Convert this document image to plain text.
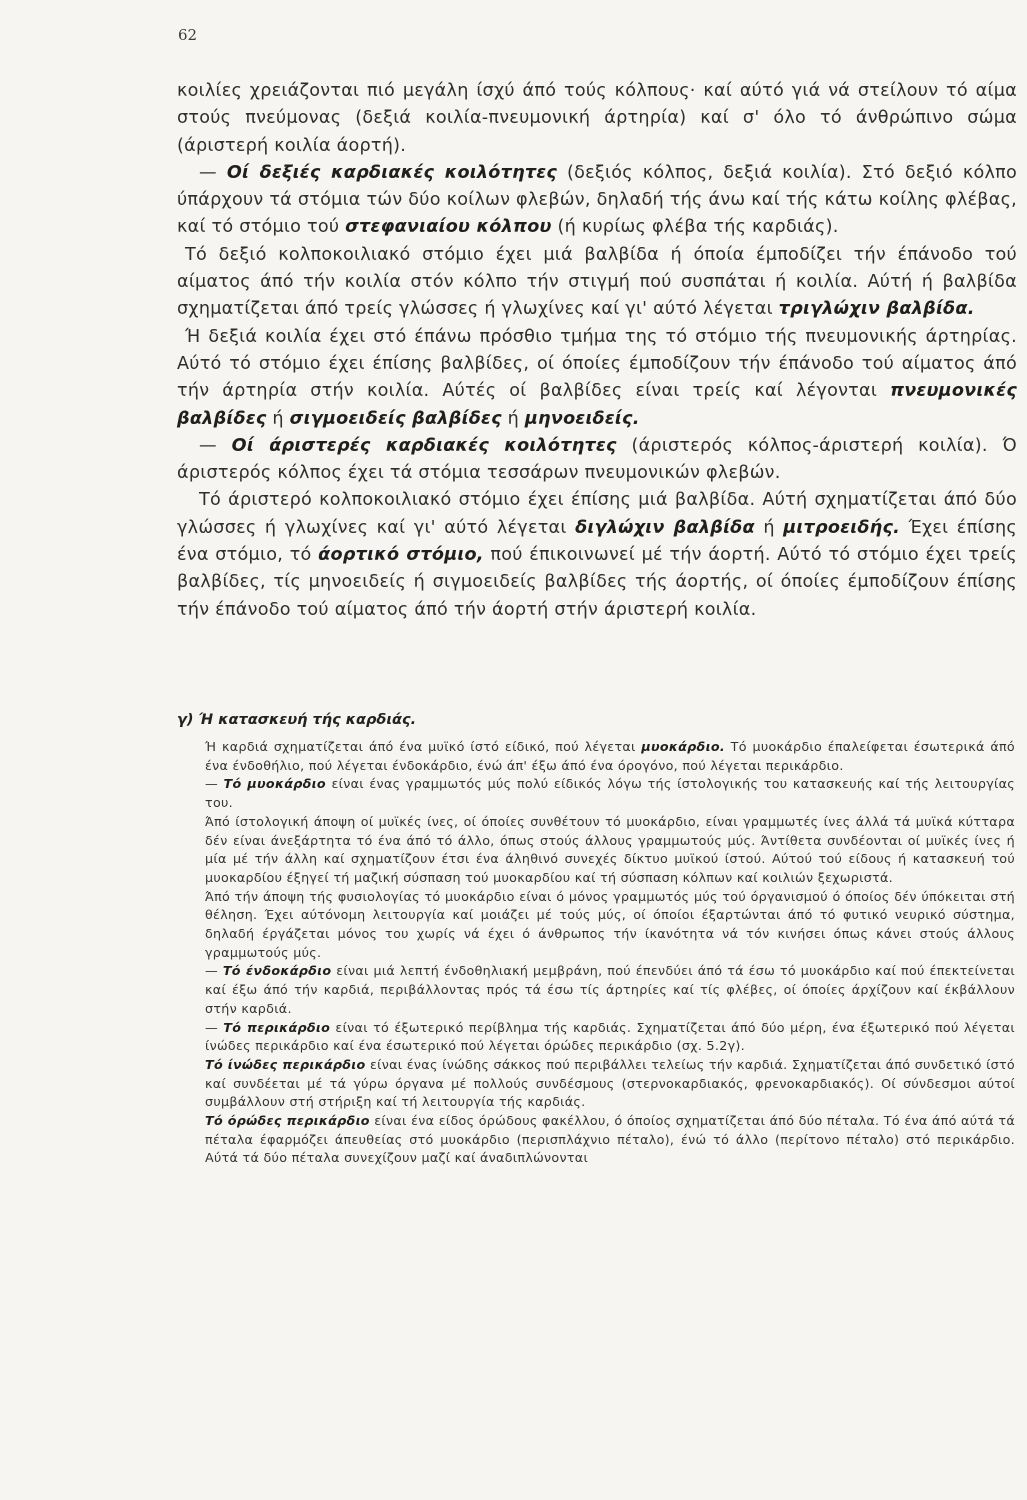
62

κοιλίες χρειάζονται πιό μεγάλη ίσχύ άπό τούς κόλπους· καί αύτό γιά νά στείλουν τό αίμα στούς πνεύμονας (δεξιά κοιλία-πνευμονική άρτηρία) καί σ' όλο τό άνθρώπινο σώμα (άριστερή κοιλία άορτή).

— Οί δεξιές καρδιακές κοιλότητες (δεξιός κόλπος, δεξιά κοιλία). Στό δεξιό κόλπο ύπάρχουν τά στόμια τών δύο κοίλων φλεβών, δηλαδή τής άνω καί τής κάτω κοίλης φλέβας, καί τό στόμιο τού στεφανιαίου κόλπου (ή κυρίως φλέβα τής καρδιάς).

Τό δεξιό κολποκοιλιακό στόμιο έχει μιά βαλβίδα ή όποία έμποδίζει τήν έπάνοδο τού αίματος άπό τήν κοιλία στόν κόλπο τήν στιγμή πού συσπάται ή κοιλία. Αύτή ή βαλβίδα σχηματίζεται άπό τρείς γλώσσες ή γλωχίνες καί γι' αύτό λέγεται τριγλώχιν βαλβίδα.

Ή δεξιά κοιλία έχει στό έπάνω πρόσθιο τμήμα της τό στόμιο τής πνευμονικής άρτηρίας. Αύτό τό στόμιο έχει έπίσης βαλβίδες, οί όποίες έμποδίζουν τήν έπάνοδο τού αίματος άπό τήν άρτηρία στήν κοιλία. Αύτές οί βαλβίδες είναι τρείς καί λέγονται πνευμονικές βαλβίδες ή σιγμοειδείς βαλβίδες ή μηνοειδείς.

— Οί άριστερές καρδιακές κοιλότητες (άριστερός κόλπος-άριστερή κοιλία). Ό άριστερός κόλπος έχει τά στόμια τεσσάρων πνευμονικών φλεβών.

Τό άριστερό κολποκοιλιακό στόμιο έχει έπίσης μιά βαλβίδα. Αύτή σχηματίζεται άπό δύο γλώσσες ή γλωχίνες καί γι' αύτό λέγεται διγλώχιν βαλβίδα ή μιτροειδής. Έχει έπίσης ένα στόμιο, τό άορτικό στόμιο, πού έπικοινωνεί μέ τήν άορτή. Αύτό τό στόμιο έχει τρείς βαλβίδες, τίς μηνοειδείς ή σιγμοειδείς βαλβίδες τής άορτής, οί όποίες έμποδίζουν έπίσης τήν έπάνοδο τού αίματος άπό τήν άορτή στήν άριστερή κοιλία.

γ) Ή κατασκευή τής καρδιάς.

Ή καρδιά σχηματίζεται άπό ένα μυϊκό ίστό είδικό, πού λέγεται μυοκάρδιο. Τό μυοκάρδιο έπαλείφεται έσωτερικά άπό ένα ένδοθήλιο, πού λέγεται ένδοκάρδιο, ένώ άπ' έξω άπό ένα όρογόνο, πού λέγεται περικάρδιο.

— Τό μυοκάρδιο είναι ένας γραμμωτός μύς πολύ είδικός λόγω τής ίστολογικής του κατασκευής καί τής λειτουργίας του.

Άπό ίστολογική άποψη οί μυϊκές ίνες, οί όποίες συνθέτουν τό μυοκάρδιο, είναι γραμμωτές ίνες άλλά τά μυϊκά κύτταρα δέν είναι άνεξάρτητα τό ένα άπό τό άλλο, όπως στούς άλλους γραμμωτούς μύς. Άντίθετα συνδέονται οί μυϊκές ίνες ή μία μέ τήν άλλη καί σχηματίζουν έτσι ένα άληθινό συνεχές δίκτυο μυϊκού ίστού. Αύτού τού είδους ή κατασκευή τού μυοκαρδίου έξηγεί τή μαζική σύσπαση τού μυοκαρδίου καί τή σύσπαση κόλπων καί κοιλιών ξεχωριστά.

Άπό τήν άποψη τής φυσιολογίας τό μυοκάρδιο είναι ό μόνος γραμμωτός μύς τού όργανισμού ό όποίος δέν ύπόκειται στή θέληση. Έχει αύτόνομη λειτουργία καί μοιάζει μέ τούς μύς, οί όποίοι έξαρτώνται άπό τό φυτικό νευρικό σύστημα, δηλαδή έργάζεται μόνος του χωρίς νά έχει ό άνθρωπος τήν ίκανότητα νά τόν κινήσει όπως κάνει στούς άλλους γραμμωτούς μύς.

— Τό ένδοκάρδιο είναι μιά λεπτή ένδοθηλιακή μεμβράνη, πού έπενδύει άπό τά έσω τό μυοκάρδιο καί πού έπεκτείνεται καί έξω άπό τήν καρδιά, περιβάλλοντας πρός τά έσω τίς άρτηρίες καί τίς φλέβες, οί όποίες άρχίζουν καί έκβάλλουν στήν καρδιά.

— Τό περικάρδιο είναι τό έξωτερικό περίβλημα τής καρδιάς. Σχηματίζεται άπό δύο μέρη, ένα έξωτερικό πού λέγεται ίνώδες περικάρδιο καί ένα έσωτερικό πού λέγεται όρώδες περικάρδιο (σχ. 5.2γ).

Τό ίνώδες περικάρδιο είναι ένας ίνώδης σάκκος πού περιβάλλει τελείως τήν καρδιά. Σχηματίζεται άπό συνδετικό ίστό καί συνδέεται μέ τά γύρω όργανα μέ πολλούς συνδέσμους (στερνοκαρδιακός, φρενοκαρδιακός). Οί σύνδεσμοι αύτοί συμβάλλουν στή στήριξη καί τή λειτουργία τής καρδιάς.

Τό όρώδες περικάρδιο είναι ένα είδος όρώδους φακέλλου, ό όποίος σχηματίζεται άπό δύο πέταλα. Τό ένα άπό αύτά τά πέταλα έφαρμόζει άπευθείας στό μυοκάρδιο (περισπλάχνιο πέταλο), ένώ τό άλλο (περίτονο πέταλο) στό περικάρδιο. Αύτά τά δύο πέταλα συνεχίζουν μαζί καί άναδιπλώνονται
